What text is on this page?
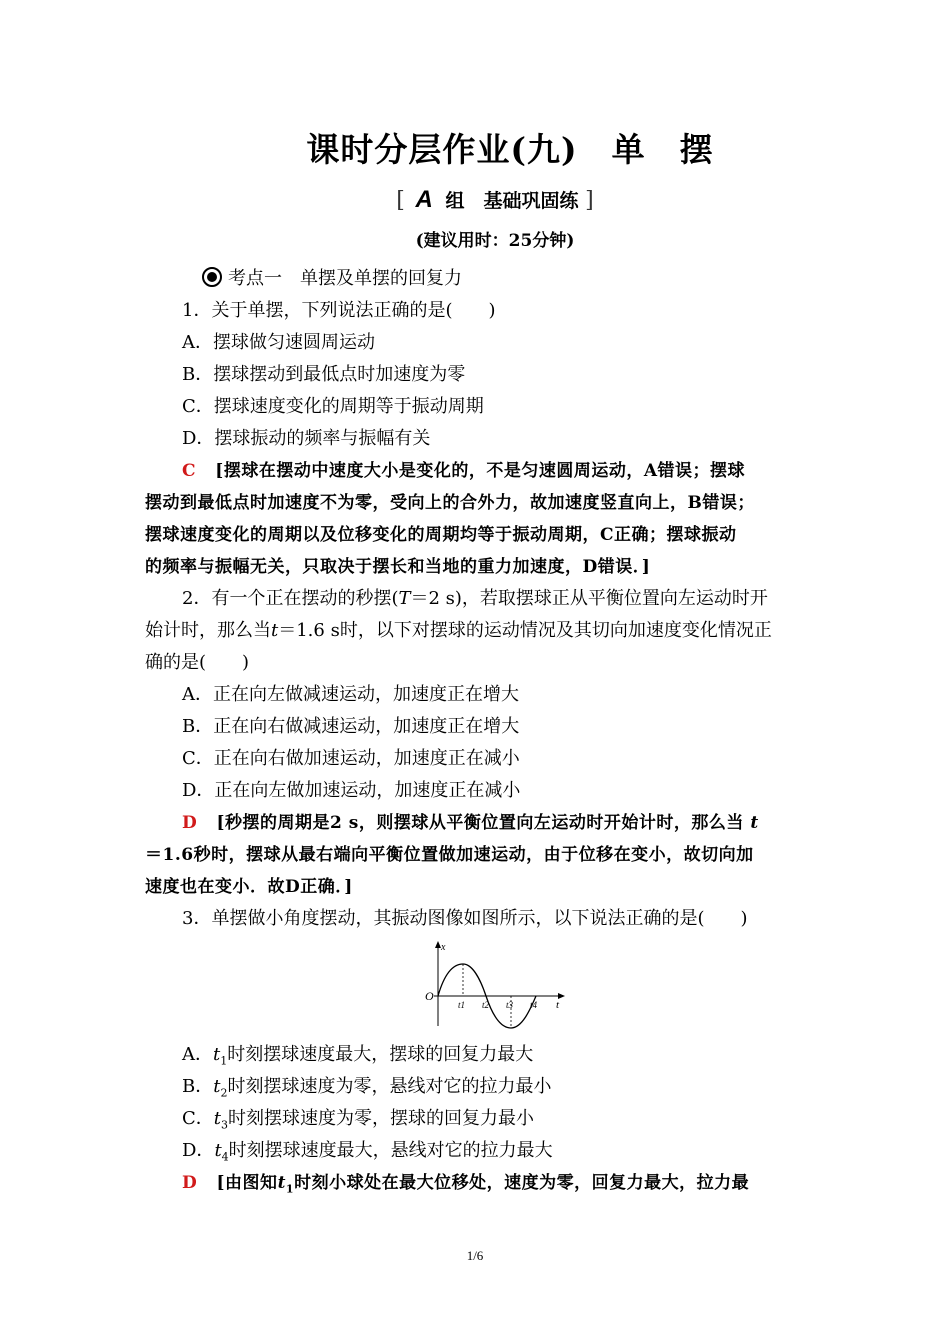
课时分层作业(九)　单　摆
[ A 组　基础巩固练 ]
(建议用时：25分钟)
考点一　单摆及单摆的回复力
1．关于单摆，下列说法正确的是(　　)
A．摆球做匀速圆周运动
B．摆球摆动到最低点时加速度为零
C．摆球速度变化的周期等于振动周期
D．摆球振动的频率与振幅有关
C [摆球在摆动中速度大小是变化的，不是匀速圆周运动，A错误；摆球
摆动到最低点时加速度不为零，受向上的合外力，故加速度竖直向上，B错误；
摆球速度变化的周期以及位移变化的周期均等于振动周期，C正确；摆球振动
的频率与振幅无关，只取决于摆长和当地的重力加速度，D错误．]
2．有一个正在摆动的秒摆(T＝2 s)，若取摆球正从平衡位置向左运动时开
始计时，那么当t＝1.6 s时，以下对摆球的运动情况及其切向加速度变化情况正
确的是(　　)
A．正在向左做减速运动，加速度正在增大
B．正在向右做减速运动，加速度正在增大
C．正在向右做加速运动，加速度正在减小
D．正在向左做加速运动，加速度正在减小
D [秒摆的周期是2 s，则摆球从平衡位置向左运动时开始计时，那么当 t
＝1.6秒时，摆球从最右端向平衡位置做加速运动，由于位移在变小，故切向加
速度也在变小．故D正确．]
3．单摆做小角度摆动，其振动图像如图所示，以下说法正确的是(　　)
x
O
t
t1 t2 t3 t4
A．$t_1$时刻摆球速度最大，摆球的回复力最大
B．$t_2$时刻摆球速度为零，悬线对它的拉力最小
C．$t_3$时刻摆球速度为零，摆球的回复力最小
D．$t_4$时刻摆球速度最大，悬线对它的拉力最大
D [由图知$t_1$时刻小球处在最大位移处，速度为零，回复力最大，拉力最
1/6
